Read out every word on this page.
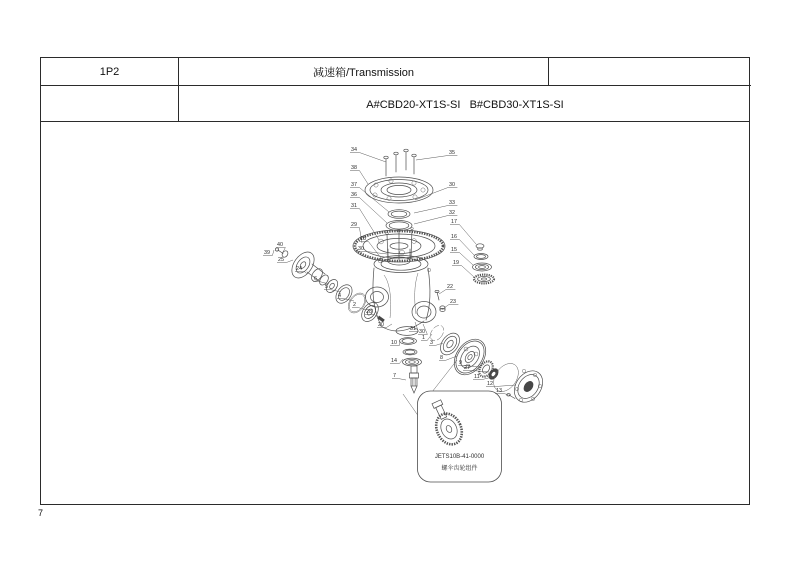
1P2	减速箱/Transmission
A#CBD20-XT1S-SI   B#CBD30-XT1S-SI
JETS10B-41-0000
螺伞齿轮组件
34
38
37
36
31
29
18
30
35
30
33
32
17
16
15
19
39
40
25
24
6
5
4
2
28
22
23
20
31 30
10
1
3
14	8
7
9
27
11
12
13
7
